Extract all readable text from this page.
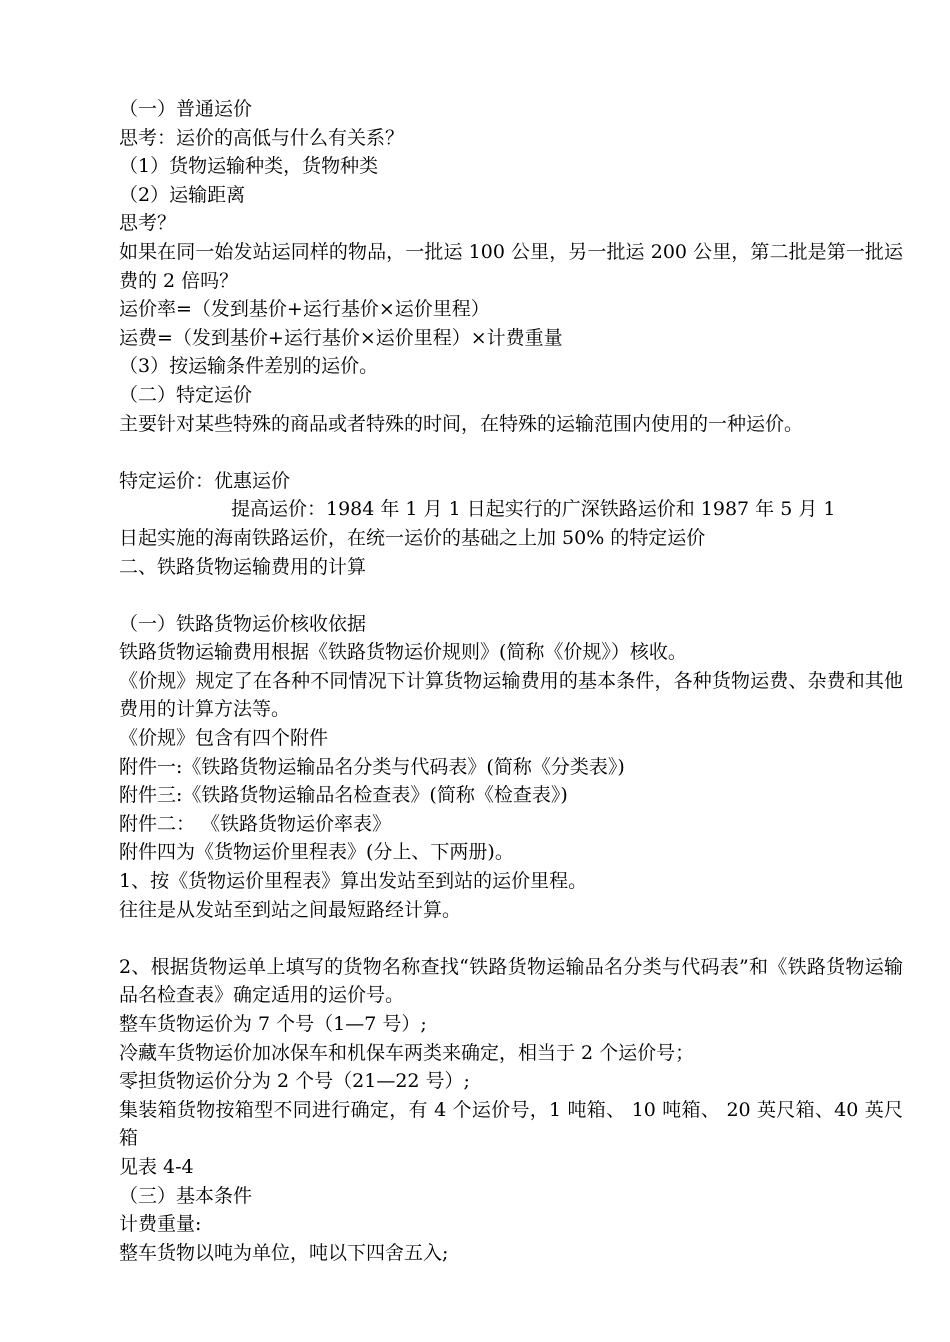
（一）普通运价
思考：运价的高低与什么有关系？
（1）货物运输种类，货物种类
（2）运输距离
思考？
如果在同一始发站运同样的物品，一批运 100 公里，另一批运 200 公里，第二批是第一批运费的 2 倍吗？
运价率=（发到基价+运行基价×运价里程）
运费=（发到基价+运行基价×运价里程）×计费重量
（3）按运输条件差别的运价。
（二）特定运价
主要针对某些特殊的商品或者特殊的时间，在特殊的运输范围内使用的一种运价。
特定运价：优惠运价
提高运价：1984 年 1 月 1 日起实行的广深铁路运价和 1987 年 5 月 1
日起实施的海南铁路运价，在统一运价的基础之上加 50% 的特定运价
二、铁路货物运输费用的计算
（一）铁路货物运价核收依据
铁路货物运输费用根据《铁路货物运价规则》(简称《价规》）核收。
《价规》规定了在各种不同情况下计算货物运输费用的基本条件，各种货物运费、杂费和其他费用的计算方法等。
《价规》包含有四个附件
附件一:《铁路货物运输品名分类与代码表》(简称《分类表》)
附件三:《铁路货物运输品名检查表》(简称《检查表》)
附件二： 《铁路货物运价率表》
附件四为《货物运价里程表》(分上、下两册)。
1、按《货物运价里程表》算出发站至到站的运价里程。
往往是从发站至到站之间最短路经计算。
2、根据货物运单上填写的货物名称查找“铁路货物运输品名分类与代码表”和《铁路货物运输品名检查表》确定适用的运价号。
整车货物运价为 7 个号（1—7 号）;
冷藏车货物运价加冰保车和机保车两类来确定，相当于 2 个运价号；
零担货物运价分为 2 个号（21—22 号）;
集装箱货物按箱型不同进行确定，有 4 个运价号，1 吨箱、 10 吨箱、 20 英尺箱、40 英尺箱
见表 4-4
（三）基本条件
计费重量:
整车货物以吨为单位，吨以下四舍五入;
